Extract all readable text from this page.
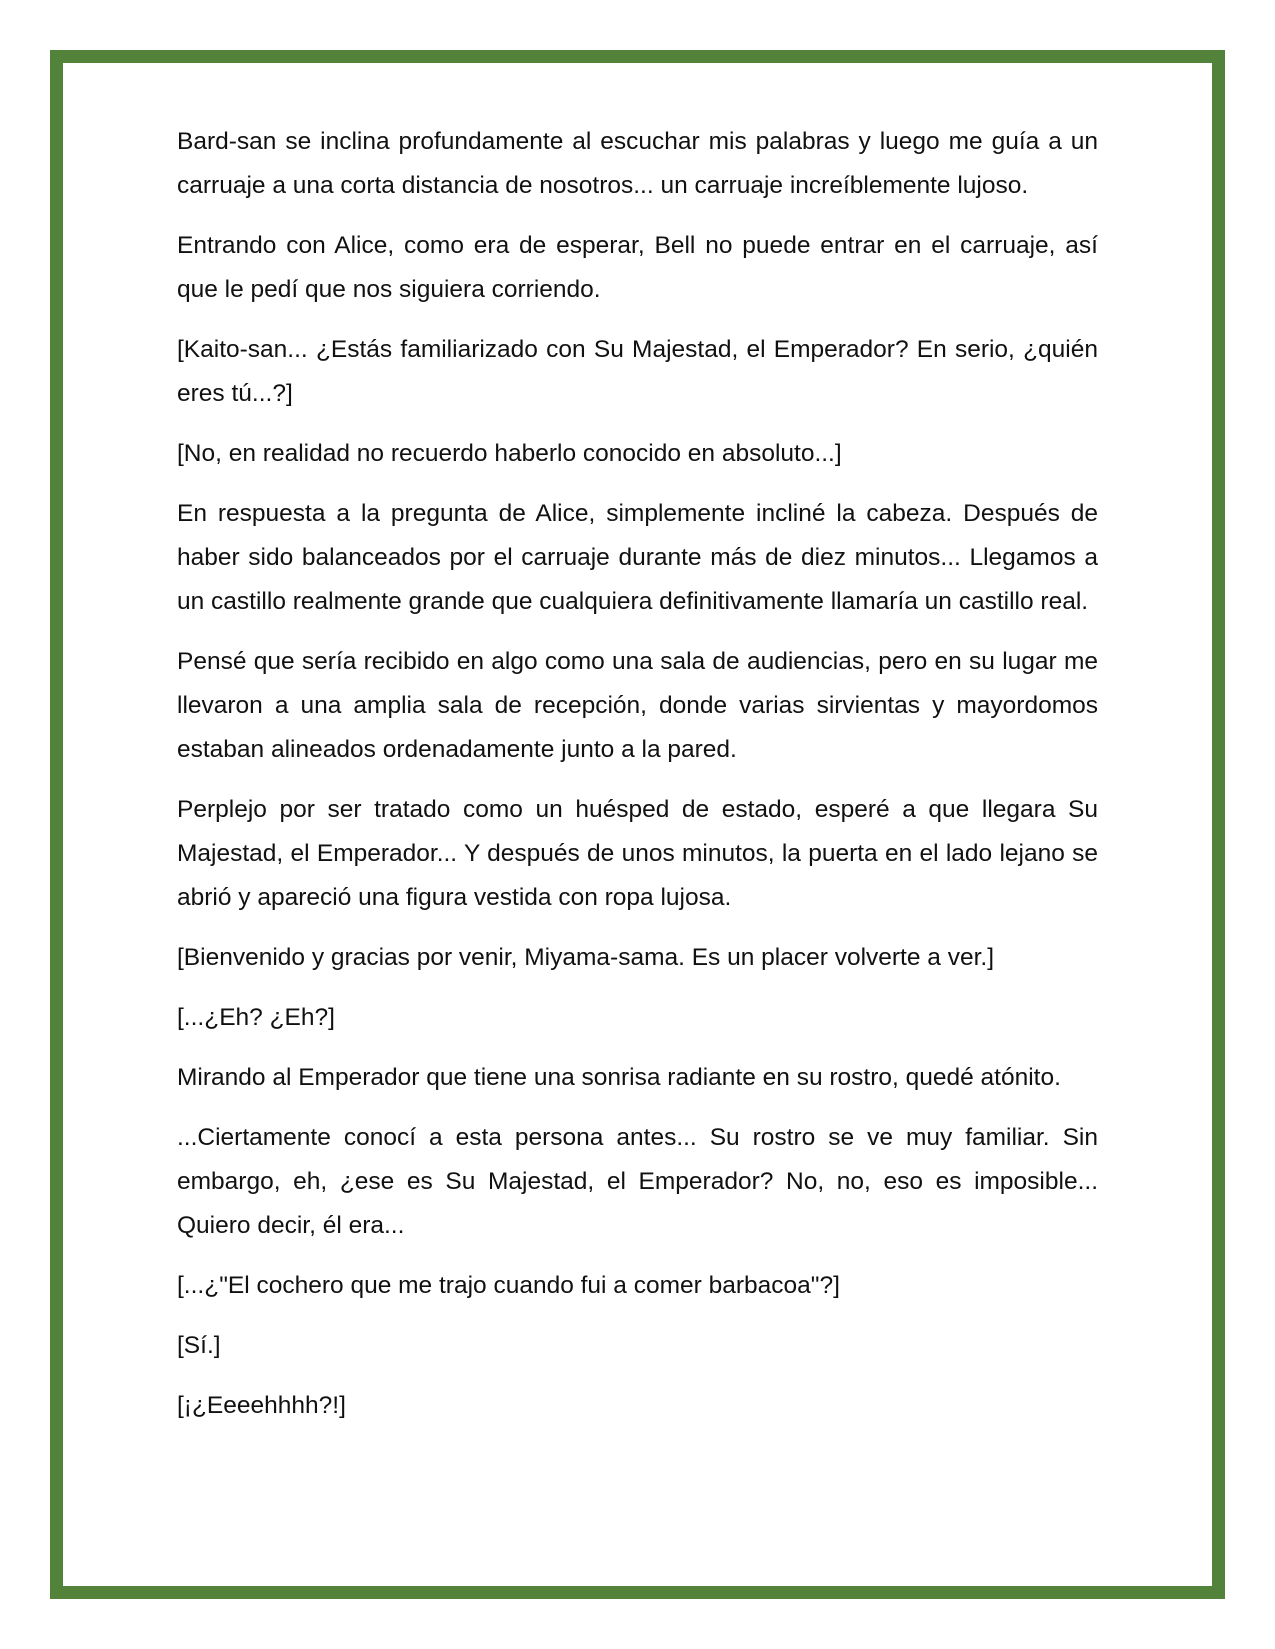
Bard-san se inclina profundamente al escuchar mis palabras y luego me guía a un carruaje a una corta distancia de nosotros... un carruaje increíblemente lujoso.

Entrando con Alice, como era de esperar, Bell no puede entrar en el carruaje, así que le pedí que nos siguiera corriendo.

[Kaito-san... ¿Estás familiarizado con Su Majestad, el Emperador? En serio, ¿quién eres tú...?]

[No, en realidad no recuerdo haberlo conocido en absoluto...]

En respuesta a la pregunta de Alice, simplemente incliné la cabeza. Después de haber sido balanceados por el carruaje durante más de diez minutos... Llegamos a un castillo realmente grande que cualquiera definitivamente llamaría un castillo real.

Pensé que sería recibido en algo como una sala de audiencias, pero en su lugar me llevaron a una amplia sala de recepción, donde varias sirvientas y mayordomos estaban alineados ordenadamente junto a la pared.

Perplejo por ser tratado como un huésped de estado, esperé a que llegara Su Majestad, el Emperador... Y después de unos minutos, la puerta en el lado lejano se abrió y apareció una figura vestida con ropa lujosa.

[Bienvenido y gracias por venir, Miyama-sama. Es un placer volverte a ver.]

[...¿Eh? ¿Eh?]

Mirando al Emperador que tiene una sonrisa radiante en su rostro, quedé atónito.

...Ciertamente conocí a esta persona antes... Su rostro se ve muy familiar. Sin embargo, eh, ¿ese es Su Majestad, el Emperador? No, no, eso es imposible... Quiero decir, él era...

[...¿"El cochero que me trajo cuando fui a comer barbacoa"?]

[Sí.]

[¡¿Eeeehhhh?!]
